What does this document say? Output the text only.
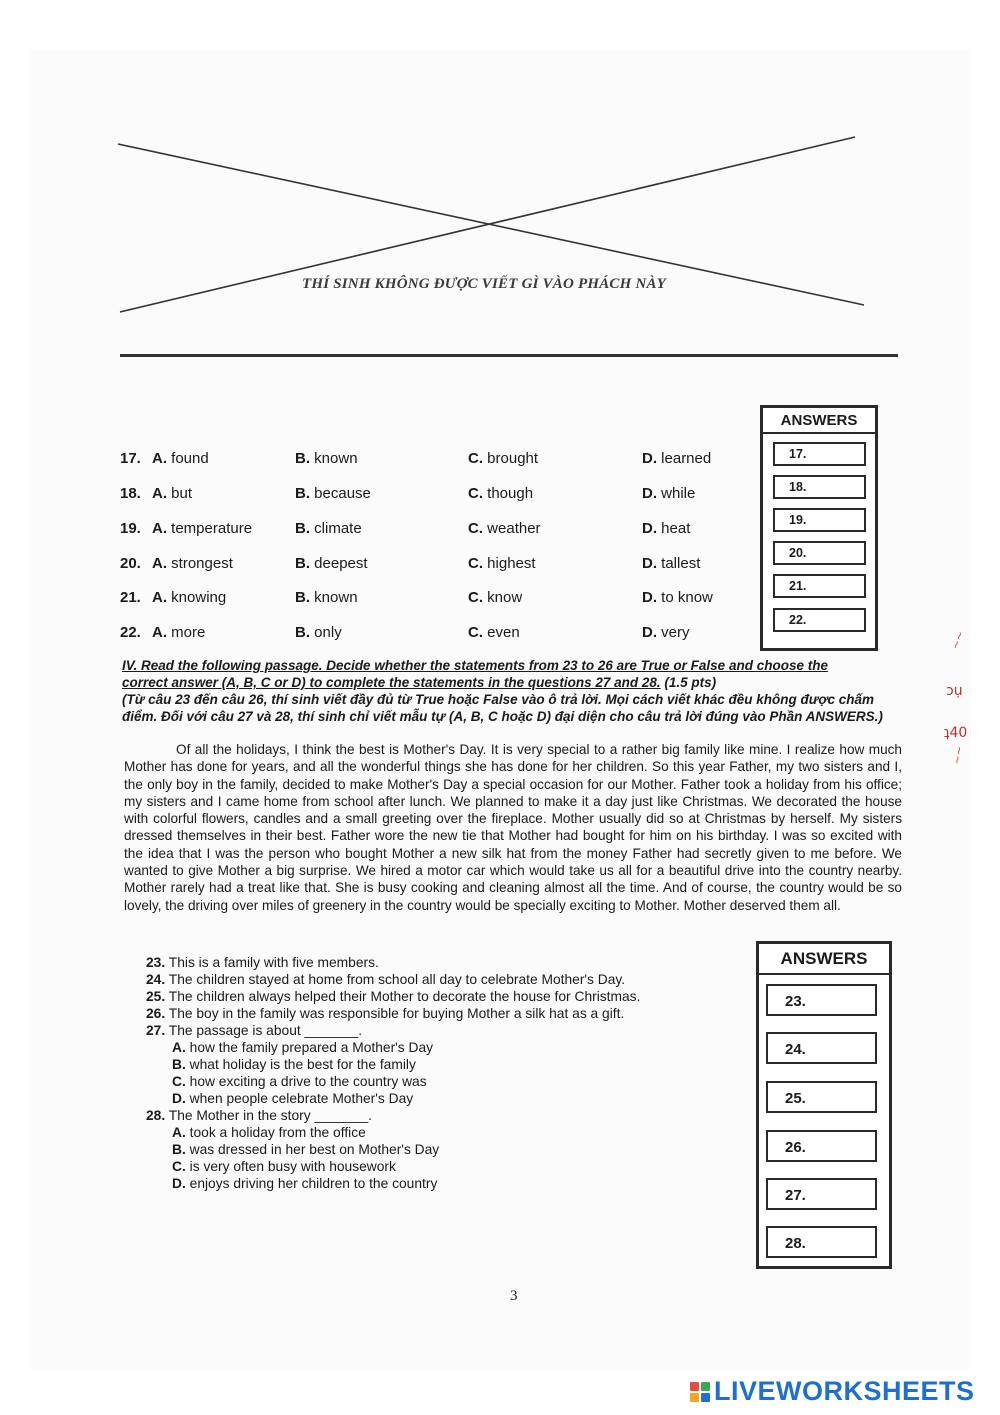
THÍ SINH KHÔNG ĐƯỢC VIẾT GÌ VÀO PHÁCH NÀY
17. A. found	B. known	C. brought	D. learned
18. A. but	B. because	C. though	D. while
19. A. temperature	B. climate	C. weather	D. heat
20. A. strongest	B. deepest	C. highest	D. tallest
21. A. knowing	B. known	C. know	D. to know
22. A. more	B. only	C. even	D. very
ANSWERS
17.
18.
19.
20.
21.
22.
IV. Read the following passage. Decide whether the statements from 23 to 26 are True or False and choose the
correct answer (A, B, C or D) to complete the statements in the questions 27 and 28. (1.5 pts)
(Từ câu 23 đến câu 26, thí sinh viết đầy đủ từ True hoặc False vào ô trả lời. Mọi cách viết khác đều không được chấm điểm. Đối với câu 27 và 28, thí sinh chỉ viết mẫu tự (A, B, C hoặc D) đại diện cho câu trả lời đúng vào Phần ANSWERS.)

Of all the holidays, I think the best is Mother's Day. It is very special to a rather big family like mine. I realize how much Mother has done for years, and all the wonderful things she has done for her children. So this year Father, my two sisters and I, the only boy in the family, decided to make Mother's Day a special occasion for our Mother. Father took a holiday from his office; my sisters and I came home from school after lunch. We planned to make it a day just like Christmas. We decorated the house with colorful flowers, candles and a small greeting over the fireplace. Mother usually did so at Christmas by herself. My sisters dressed themselves in their best. Father wore the new tie that Mother had bought for him on his birthday. I was so excited with the idea that I was the person who bought Mother a new silk hat from the money Father had secretly given to me before. We wanted to give Mother a big surprise. We hired a motor car which would take us all for a beautiful drive into the country nearby. Mother rarely had a treat like that. She is busy cooking and cleaning almost all the time. And of course, the country would be so lovely, the driving over miles of greenery in the country would be specially exciting to Mother. Mother deserved them all.

23. This is a family with five members.
24. The children stayed at home from school all day to celebrate Mother's Day.
25. The children always helped their Mother to decorate the house for Christmas.
26. The boy in the family was responsible for buying Mother a silk hat as a gift.
27. The passage is about _______.
A. how the family prepared a Mother's Day
B. what holiday is the best for the family
C. how exciting a drive to the country was
D. when people celebrate Mother's Day
28. The Mother in the story _______.
A. took a holiday from the office
B. was dressed in her best on Mother's Day
C. is very often busy with housework
D. enjoys driving her children to the country
ANSWERS
23.
24.
25.
26.
27.
28.
3
~~
ɔụ
ʇ40
~~
LIVEWORKSHEETS
